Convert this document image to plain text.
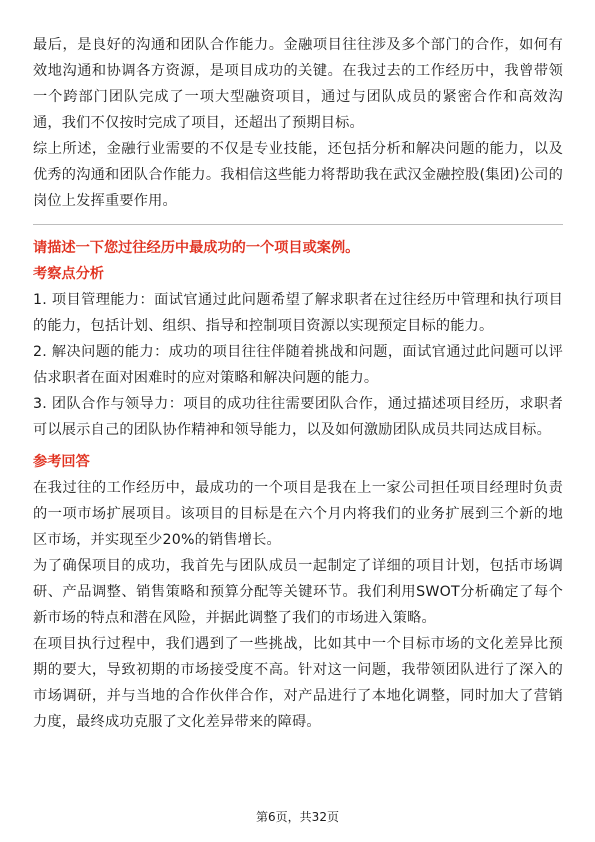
最后，是良好的沟通和团队合作能力。金融项目往往涉及多个部门的合作，如何有效地沟通和协调各方资源，是项目成功的关键。在我过去的工作经历中，我曾带领一个跨部门团队完成了一项大型融资项目，通过与团队成员的紧密合作和高效沟通，我们不仅按时完成了项目，还超出了预期目标。

综上所述，金融行业需要的不仅是专业技能，还包括分析和解决问题的能力，以及优秀的沟通和团队合作能力。我相信这些能力将帮助我在武汉金融控股(集团)公司的岗位上发挥重要作用。

请描述一下您过往经历中最成功的一个项目或案例。

考察点分析

1. 项目管理能力：面试官通过此问题希望了解求职者在过往经历中管理和执行项目的能力，包括计划、组织、指导和控制项目资源以实现预定目标的能力。

2. 解决问题的能力：成功的项目往往伴随着挑战和问题，面试官通过此问题可以评估求职者在面对困难时的应对策略和解决问题的能力。

3. 团队合作与领导力：项目的成功往往需要团队合作，通过描述项目经历，求职者可以展示自己的团队协作精神和领导能力，以及如何激励团队成员共同达成目标。

参考回答

在我过往的工作经历中，最成功的一个项目是我在上一家公司担任项目经理时负责的一项市场扩展项目。该项目的目标是在六个月内将我们的业务扩展到三个新的地区市场，并实现至少20%的销售增长。

为了确保项目的成功，我首先与团队成员一起制定了详细的项目计划，包括市场调研、产品调整、销售策略和预算分配等关键环节。我们利用SWOT分析确定了每个新市场的特点和潜在风险，并据此调整了我们的市场进入策略。

在项目执行过程中，我们遇到了一些挑战，比如其中一个目标市场的文化差异比预期的要大，导致初期的市场接受度不高。针对这一问题，我带领团队进行了深入的市场调研，并与当地的合作伙伴合作，对产品进行了本地化调整，同时加大了营销力度，最终成功克服了文化差异带来的障碍。

第6页，共32页
